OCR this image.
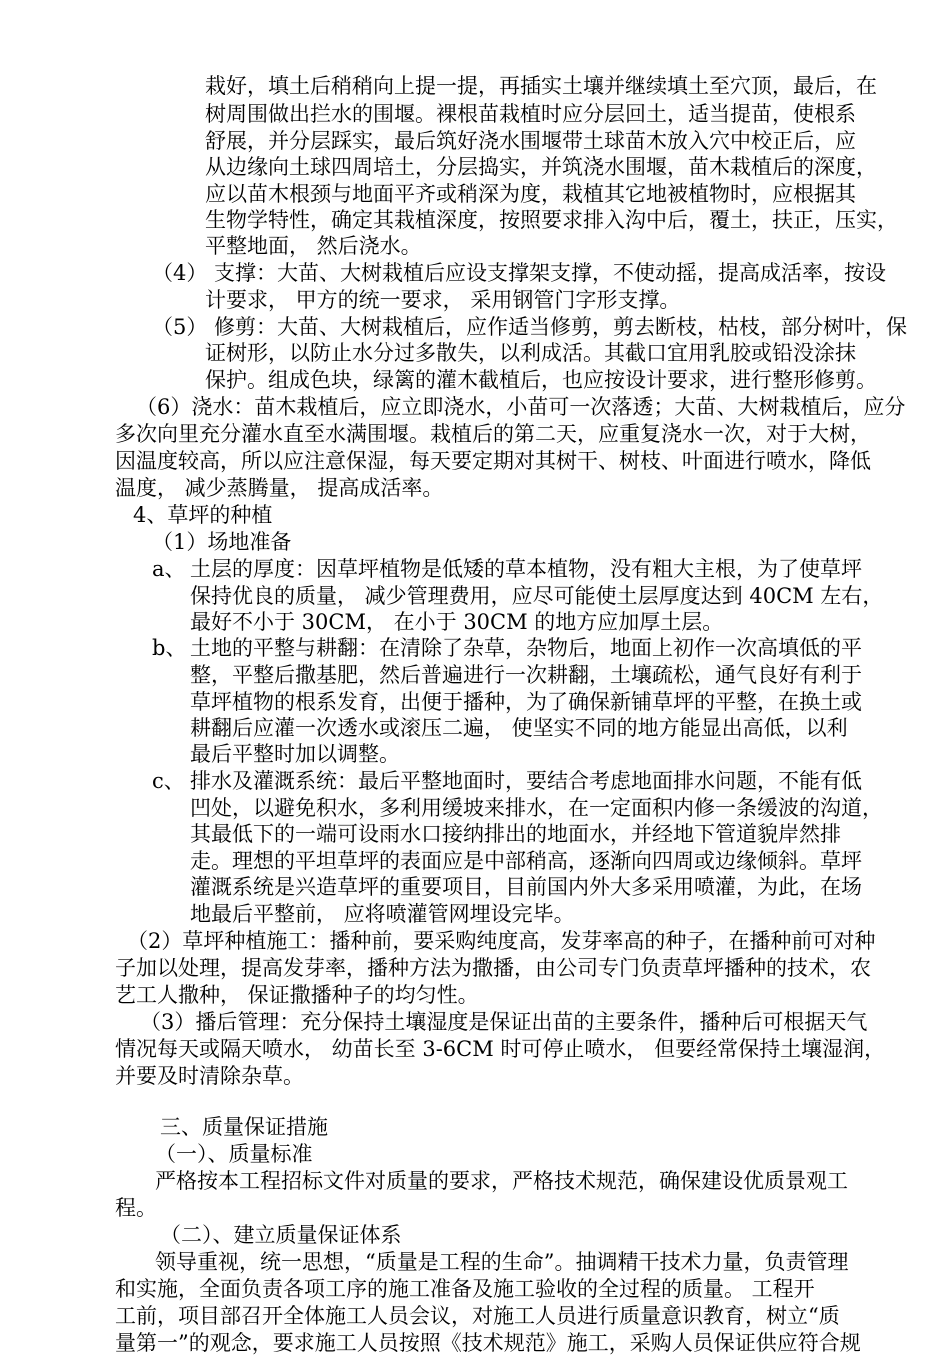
栽好，填土后稍稍向上提一提，再插实土壤并继续填土至穴顶，最后，在
树周围做出拦水的围堰。裸根苗栽植时应分层回土，适当提苗，使根系
舒展，并分层踩实，最后筑好浇水围堰带土球苗木放入穴中校正后，应
从边缘向土球四周培土，分层捣实，并筑浇水围堰，苗木栽植后的深度，
应以苗木根颈与地面平齐或稍深为度，栽植其它地被植物时，应根据其
生物学特性，确定其栽植深度，按照要求排入沟中后，覆土，扶正，压实，
平整地面， 然后浇水。
（4） 支撑：大苗、大树栽植后应设支撑架支撑，不使动摇，提高成活率，按设
计要求， 甲方的统一要求， 采用钢管门字形支撑。
（5） 修剪：大苗、大树栽植后，应作适当修剪，剪去断枝，枯枝，部分树叶，保
证树形，以防止水分过多散失，以利成活。其截口宜用乳胶或铅没涂抹
保护。组成色块，绿篱的灌木截植后，也应按设计要求，进行整形修剪。
（6）浇水：苗木栽植后，应立即浇水，小苗可一次落透；大苗、大树栽植后，应分
多次向里充分灌水直至水满围堰。栽植后的第二天，应重复浇水一次，对于大树，
因温度较高，所以应注意保湿，每天要定期对其树干、树枝、叶面进行喷水，降低
温度， 减少蒸腾量， 提高成活率。
4、草坪的种植
（1）场地准备
a、 土层的厚度：因草坪植物是低矮的草本植物，没有粗大主根，为了使草坪
保持优良的质量， 减少管理费用，应尽可能使土层厚度达到 40CM 左右，
最好不小于 30CM， 在小于 30CM 的地方应加厚土层。
b、 土地的平整与耕翻：在清除了杂草，杂物后，地面上初作一次高填低的平
整，平整后撒基肥，然后普遍进行一次耕翻，土壤疏松，通气良好有利于
草坪植物的根系发育，出便于播种，为了确保新铺草坪的平整，在换土或
耕翻后应灌一次透水或滚压二遍， 使坚实不同的地方能显出高低，以利
最后平整时加以调整。
c、 排水及灌溉系统：最后平整地面时，要结合考虑地面排水问题，不能有低
凹处，以避免积水，多利用缓坡来排水，在一定面积内修一条缓波的沟道，
其最低下的一端可设雨水口接纳排出的地面水，并经地下管道貌岸然排
走。理想的平坦草坪的表面应是中部稍高，逐渐向四周或边缘倾斜。草坪
灌溉系统是兴造草坪的重要项目，目前国内外大多采用喷灌，为此，在场
地最后平整前， 应将喷灌管网埋设完毕。
（2）草坪种植施工：播种前，要采购纯度高，发芽率高的种子，在播种前可对种
子加以处理，提高发芽率，播种方法为撒播，由公司专门负责草坪播种的技术，农
艺工人撒种， 保证撒播种子的均匀性。
（3）播后管理：充分保持土壤湿度是保证出苗的主要条件，播种后可根据天气
情况每天或隔天喷水， 幼苗长至 3-6CM 时可停止喷水， 但要经常保持土壤湿润，
并要及时清除杂草。
三、质量保证措施
（一）、质量标准
严格按本工程招标文件对质量的要求，严格技术规范，确保建设优质景观工
程。
（二）、建立质量保证体系
领导重视，统一思想，“质量是工程的生命”。抽调精干技术力量，负责管理
和实施，全面负责各项工序的施工准备及施工验收的全过程的质量。 工程开
工前，项目部召开全体施工人员会议，对施工人员进行质量意识教育，树立“质
量第一”的观念，要求施工人员按照《技术规范》施工，采购人员保证供应符合规
